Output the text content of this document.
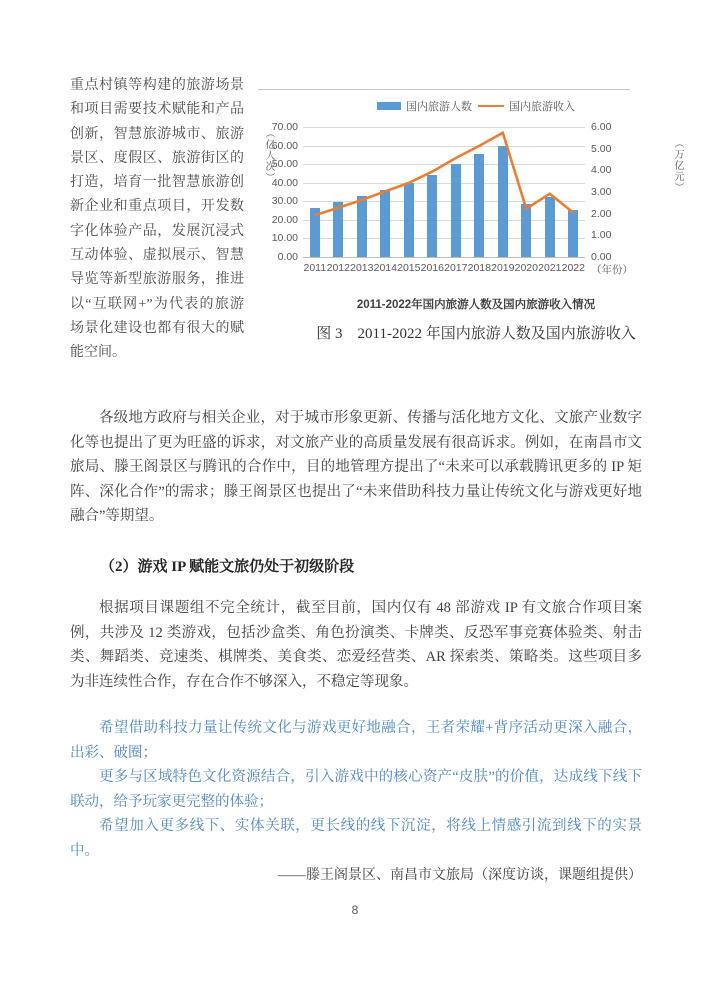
重点村镇等构建的旅游场景和项目需要技术赋能和产品创新，智慧旅游城市、旅游景区、度假区、旅游街区的打造，培育一批智慧旅游创新企业和重点项目，开发数字化体验产品，发展沉浸式互动体验、虚拟展示、智慧导览等新型旅游服务，推进以“互联网+”为代表的旅游场景化建设也都有很大的赋能空间。
国内旅游人数	国内旅游收入
（亿人次）	（万亿元）
（年份）
2011-2022年国内旅游人数及国内旅游收入情况
0.00
10.00
20.00
30.00
40.00
50.00
60.00
70.00
0.00
1.00
2.00
3.00
4.00
5.00
6.00
2011 2012 2013 2014 2015 2016 2017 2018 2019 2020 2021 2022
图 3　2011-2022 年国内旅游人数及国内旅游收入

各级地方政府与相关企业，对于城市形象更新、传播与活化地方文化、文旅产业数字化等也提出了更为旺盛的诉求，对文旅产业的高质量发展有很高诉求。例如，在南昌市文旅局、滕王阁景区与腾讯的合作中，目的地管理方提出了“未来可以承载腾讯更多的 IP 矩阵、深化合作”的需求；滕王阁景区也提出了“未来借助科技力量让传统文化与游戏更好地融合”等期望。

（2）游戏 IP 赋能文旅仍处于初级阶段

根据项目课题组不完全统计，截至目前，国内仅有 48 部游戏 IP 有文旅合作项目案例，共涉及 12 类游戏，包括沙盒类、角色扮演类、卡牌类、反恐军事竞赛体验类、射击类、舞蹈类、竞速类、棋牌类、美食类、恋爱经营类、AR 探索类、策略类。这些项目多为非连续性合作，存在合作不够深入，不稳定等现象。

希望借助科技力量让传统文化与游戏更好地融合，王者荣耀+背序活动更深入融合，出彩、破圈；

更多与区域特色文化资源结合，引入游戏中的核心资产“皮肤”的价值，达成线下线下联动，给予玩家更完整的体验；

希望加入更多线下、实体关联，更长线的线下沉淀，将线上情感引流到线下的实景中。

——滕王阁景区、南昌市文旅局（深度访谈，课题组提供）
8
